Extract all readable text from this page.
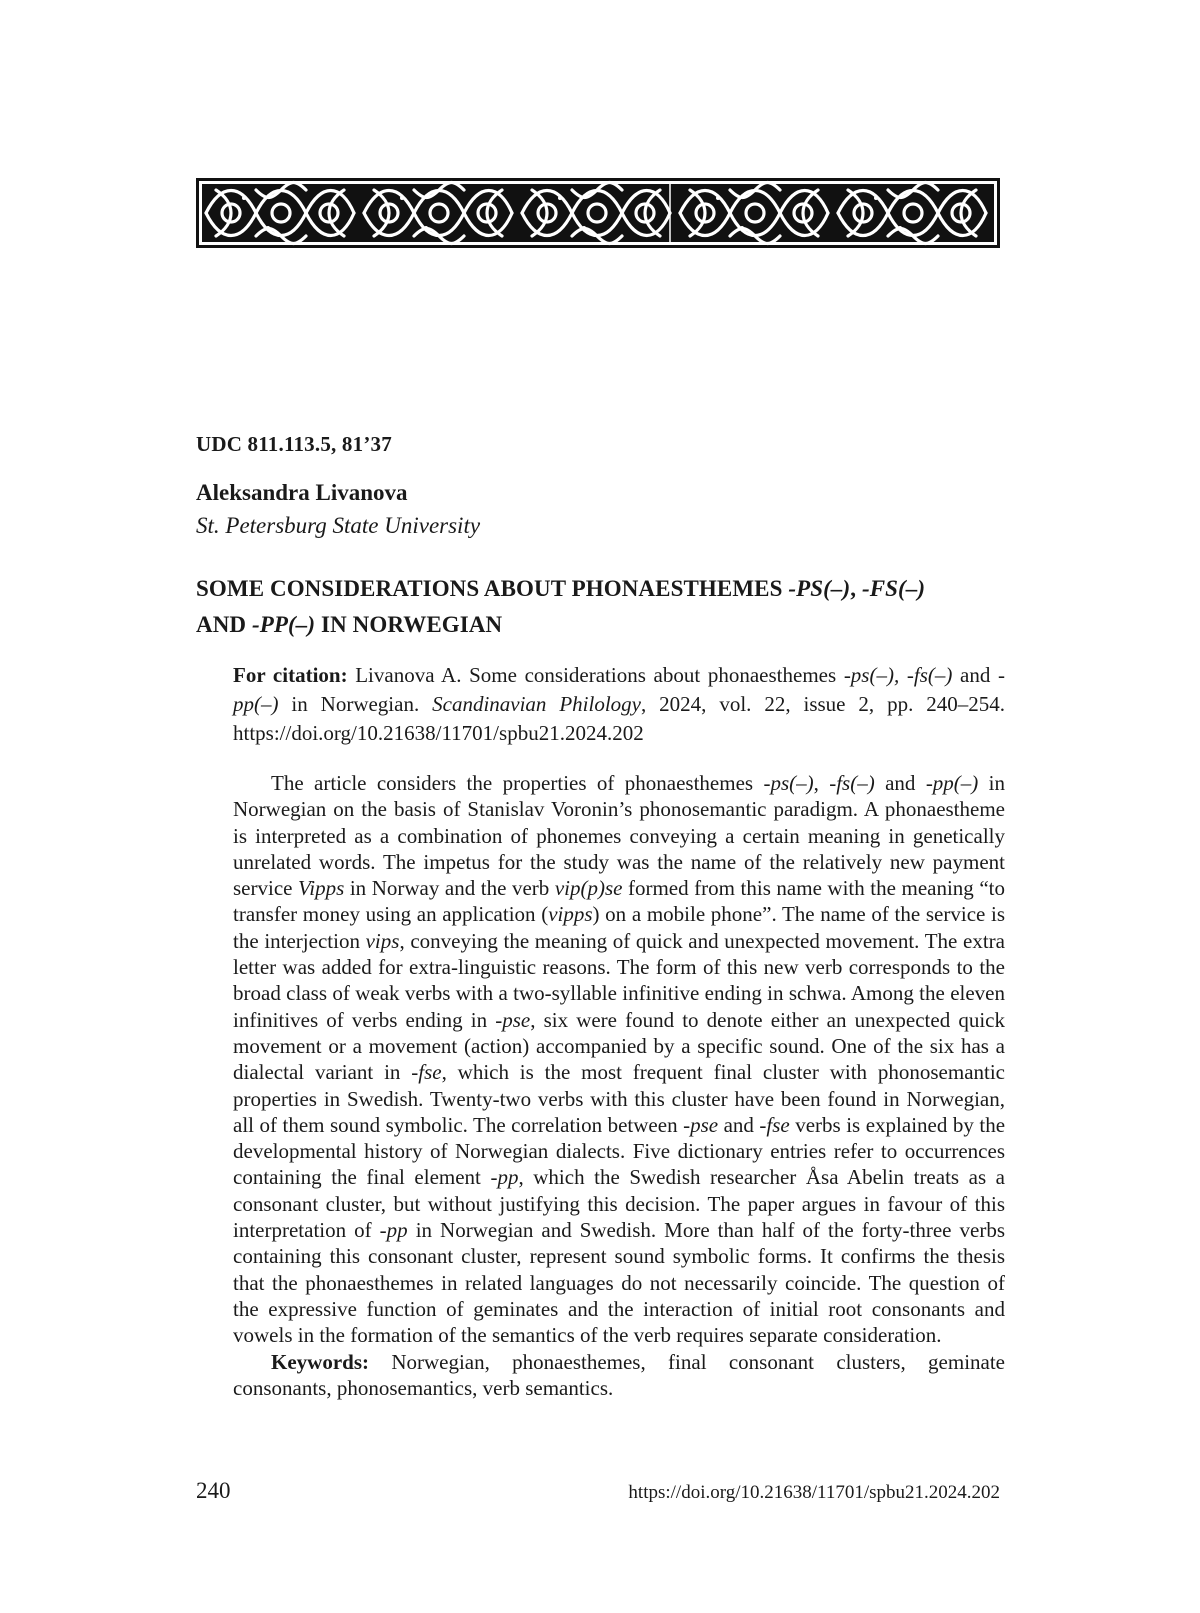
UDC 811.113.5, 81’37
Aleksandra Livanova
St. Petersburg State University
SOME CONSIDERATIONS ABOUT PHONAESTHEMES -PS(–), -FS(–)
AND -PP(–) IN NORWEGIAN
For citation: Livanova A. Some considerations about phonaesthemes -ps(–), -fs(–) and -pp(–) in Norwegian. Scandinavian Philology, 2024, vol. 22, issue 2, pp. 240–254. https://doi.org/10.21638/11701/spbu21.2024.202

The article considers the properties of phonaesthemes -ps(–), -fs(–) and -pp(–) in Norwegian on the basis of Stanislav Voronin’s phonosemantic paradigm. A phonaestheme is interpreted as a combination of phonemes conveying a certain meaning in genetically unrelated words. The impetus for the study was the name of the relatively new payment service Vipps in Norway and the verb vip(p)se formed from this name with the meaning “to transfer money using an application (vipps) on a mobile phone”. The name of the service is the interjection vips, conveying the meaning of quick and unexpected movement. The extra letter was added for extra-linguistic reasons. The form of this new verb corresponds to the broad class of weak verbs with a two-syllable infinitive ending in schwa. Among the eleven infinitives of verbs ending in -pse, six were found to denote either an unexpected quick movement or a movement (action) accompanied by a specific sound. One of the six has a dialectal variant in -fse, which is the most frequent final cluster with phonosemantic properties in Swedish. Twenty-two verbs with this cluster have been found in Norwegian, all of them sound symbolic. The correlation between -pse and -fse verbs is explained by the developmental history of Norwegian dialects. Five dictionary entries refer to occurrences containing the final element -pp, which the Swedish researcher Åsa Abelin treats as a consonant cluster, but without justifying this decision. The paper argues in favour of this interpretation of -pp in Norwegian and Swedish. More than half of the forty-three verbs containing this consonant cluster, represent sound symbolic forms. It confirms the thesis that the phonaesthemes in related languages do not necessarily coincide. The question of the expressive function of geminates and the interaction of initial root consonants and vowels in the formation of the semantics of the verb requires separate consideration.

Keywords: Norwegian, phonaesthemes, final consonant clusters, geminate consonants, phonosemantics, verb semantics.

240	https://doi.org/10.21638/11701/spbu21.2024.202
